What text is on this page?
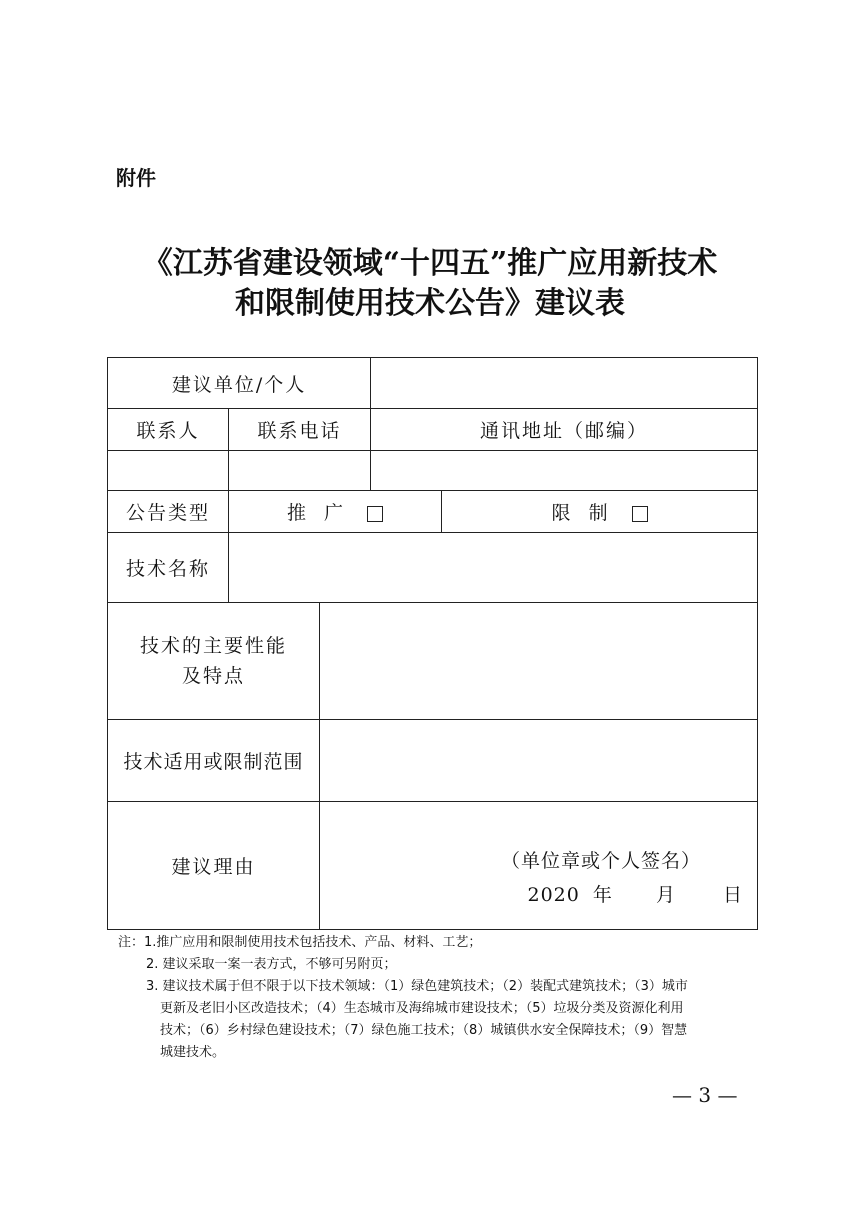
附件
《江苏省建设领域“十四五”推广应用新技术
和限制使用技术公告》建议表
建议单位/个人				
联系人	联系电话		通讯地址（邮编）	

公告类型	推  广			限  制
技术名称				

技术的主要性能
及特点				

技术适用或限制范围				
建议理由		（单位章或个人签名）
2020 年 月 日		
注：1.推广应用和限制使用技术包括技术、产品、材料、工艺；
2. 建议采取一案一表方式，不够可另附页；
3. 建议技术属于但不限于以下技术领域：（1）绿色建筑技术；（2）装配式建筑技术；（3）城市
更新及老旧小区改造技术；（4）生态城市及海绵城市建设技术；（5）垃圾分类及资源化利用
技术；（6）乡村绿色建设技术；（7）绿色施工技术；（8）城镇供水安全保障技术；（9）智慧
城建技术。
— 3 —
